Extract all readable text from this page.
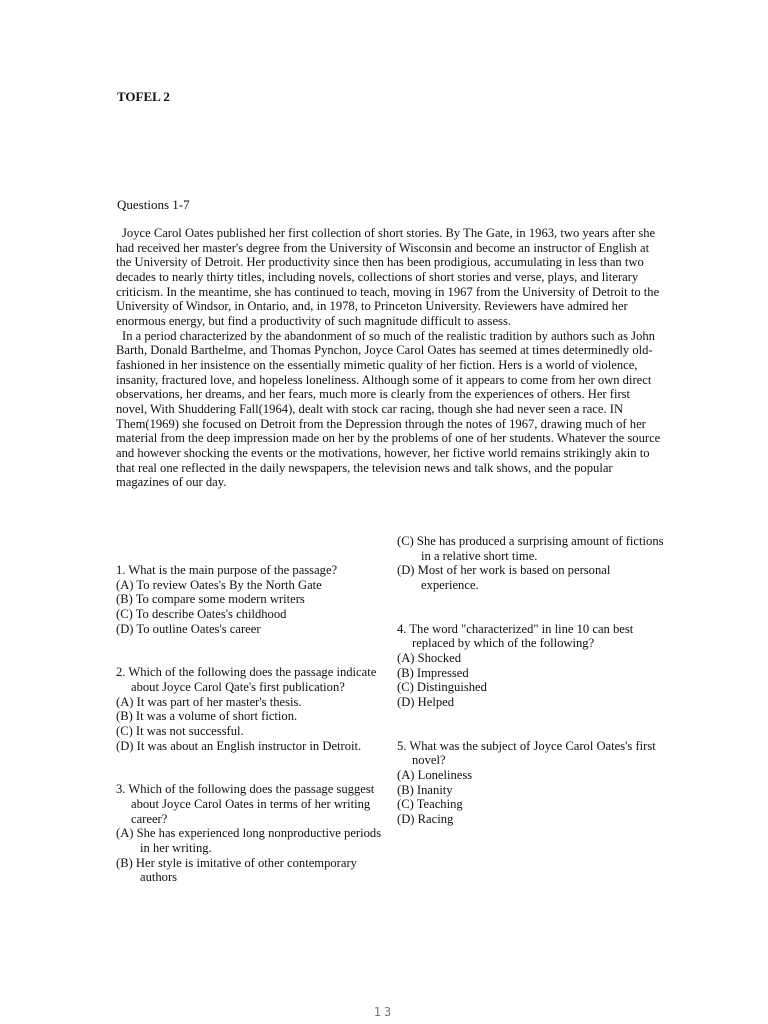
TOFEL 2
Questions 1-7

Joyce Carol Oates published her first collection of short stories. By The Gate, in 1963, two years after she had received her master's degree from the University of Wisconsin and become an instructor of English at the University of Detroit. Her productivity since then has been prodigious, accumulating in less than two decades to nearly thirty titles, including novels, collections of short stories and verse, plays, and literary criticism. In the meantime, she has continued to teach, moving in 1967 from the University of Detroit to the University of Windsor, in Ontario, and, in 1978, to Princeton University. Reviewers have admired her enormous energy, but find a productivity of such magnitude difficult to assess.

In a period characterized by the abandonment of so much of the realistic tradition by authors such as John Barth, Donald Barthelme, and Thomas Pynchon, Joyce Carol Oates has seemed at times determinedly old-fashioned in her insistence on the essentially mimetic quality of her fiction. Hers is a world of violence, insanity, fractured love, and hopeless loneliness. Although some of it appears to come from her own direct observations, her dreams, and her fears, much more is clearly from the experiences of others. Her first novel, With Shuddering Fall(1964), dealt with stock car racing, though she had never seen a race. IN Them(1969) she focused on Detroit from the Depression through the notes of 1967, drawing much of her material from the deep impression made on her by the problems of one of her students. Whatever the source and however shocking the events or the motivations, however, her fictive world remains strikingly akin to that real one reflected in the daily newspapers, the television news and talk shows, and the popular magazines of our day.

1. What is the main purpose of the passage?
(A) To review Oates's By the North Gate
(B) To compare some modern writers
(C) To describe Oates's childhood
(D) To outline Oates's career
2. Which of the following does the passage indicate about Joyce Carol Qate's first publication?
(A) It was part of her master's thesis.
(B) It was a volume of short fiction.
(C) It was not successful.
(D) It was about an English instructor in Detroit.
3. Which of the following does the passage suggest about Joyce Carol Oates in terms of her writing career?
(A) She has experienced long nonproductive periods in her writing.
(B) Her style is imitative of other contemporary authors
(C) She has produced a surprising amount of fictions in a relative short time.
(D) Most of her work is based on personal experience.
4. The word "characterized" in line 10 can best replaced by which of the following?
(A) Shocked
(B) Impressed
(C) Distinguished
(D) Helped
5. What was the subject of Joyce Carol Oates's first novel?
(A) Loneliness
(B) Inanity
(C) Teaching
(D) Racing
13
